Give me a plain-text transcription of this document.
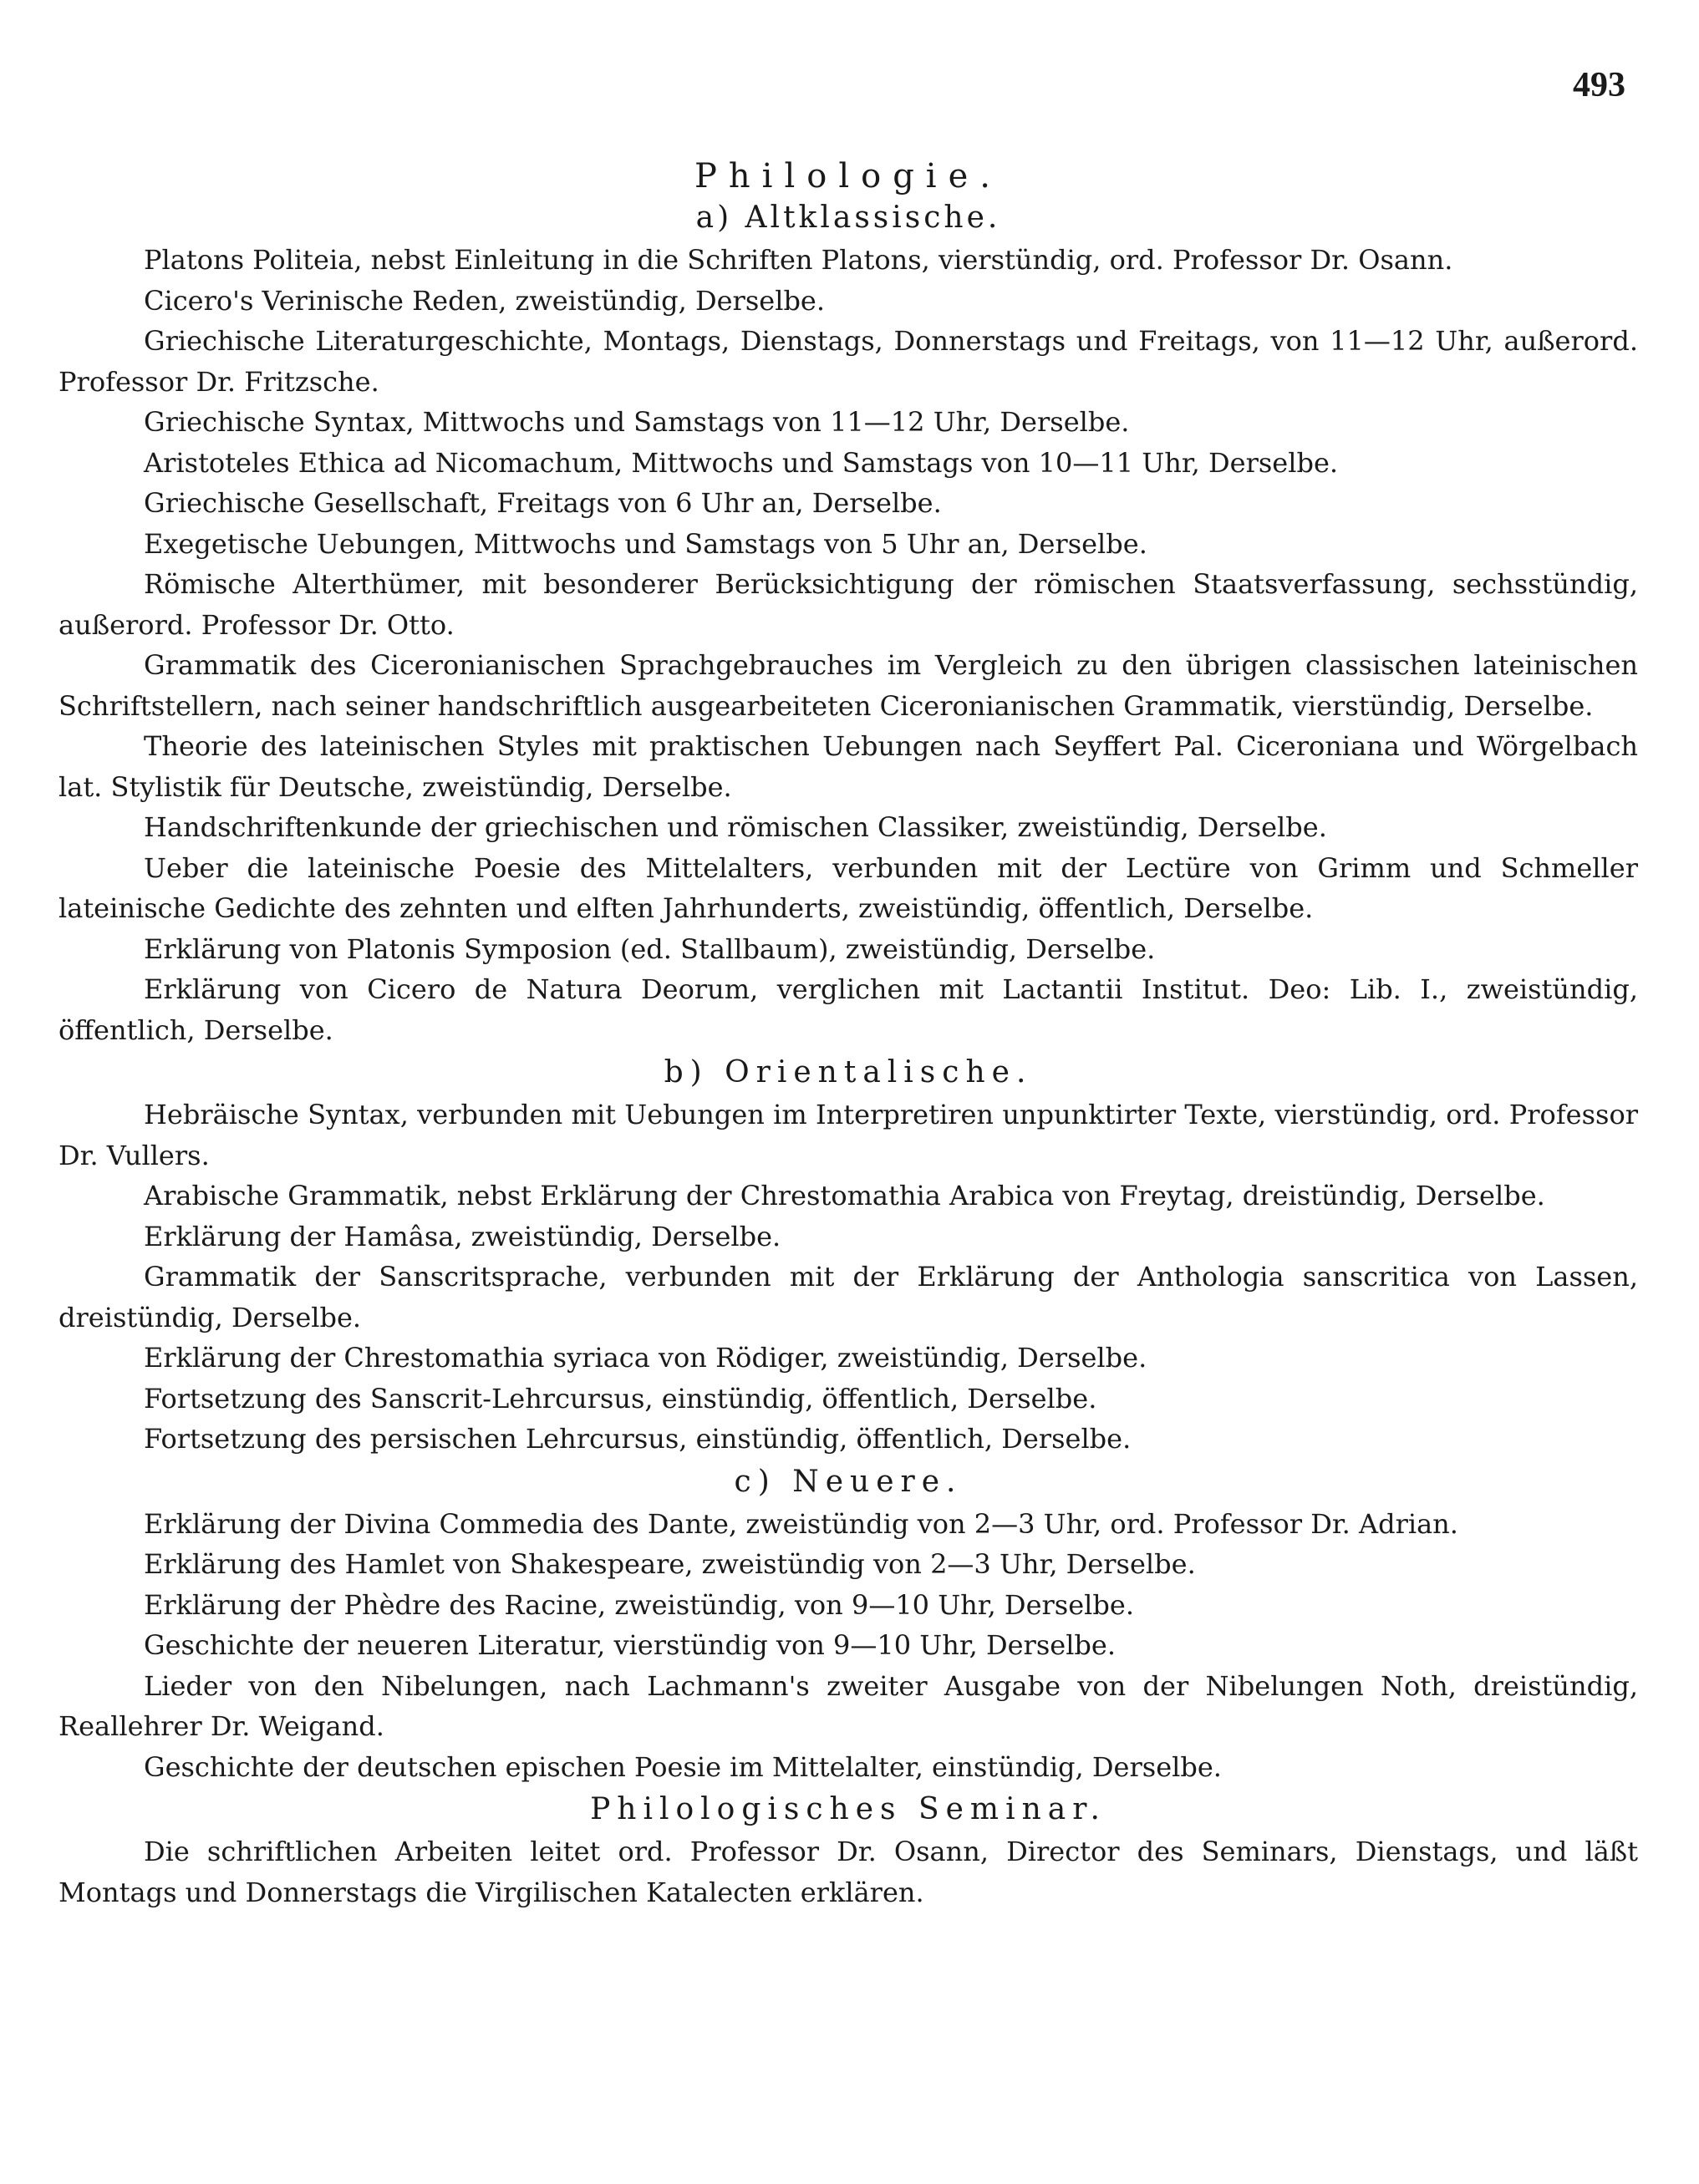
493
Philologie.
a) Altklassische.

Platons Politeia, nebst Einleitung in die Schriften Platons, vierstündig, ord. Professor Dr. Osann.

Cicero's Verinische Reden, zweistündig, Derselbe.

Griechische Literaturgeschichte, Montags, Dienstags, Donnerstags und Freitags, von 11—12 Uhr, außerord. Professor Dr. Fritzsche.

Griechische Syntax, Mittwochs und Samstags von 11—12 Uhr, Derselbe.

Aristoteles Ethica ad Nicomachum, Mittwochs und Samstags von 10—11 Uhr, Derselbe.

Griechische Gesellschaft, Freitags von 6 Uhr an, Derselbe.

Exegetische Uebungen, Mittwochs und Samstags von 5 Uhr an, Derselbe.

Römische Alterthümer, mit besonderer Berücksichtigung der römischen Staatsverfassung, sechsstündig, außerord. Professor Dr. Otto.

Grammatik des Ciceronianischen Sprachgebrauches im Vergleich zu den übrigen classischen lateinischen Schriftstellern, nach seiner handschriftlich ausgearbeiteten Ciceronianischen Grammatik, vierstündig, Derselbe.

Theorie des lateinischen Styles mit praktischen Uebungen nach Seyffert Pal. Ciceroniana und Wörgelbach lat. Stylistik für Deutsche, zweistündig, Derselbe.

Handschriftenkunde der griechischen und römischen Classiker, zweistündig, Derselbe.

Ueber die lateinische Poesie des Mittelalters, verbunden mit der Lectüre von Grimm und Schmeller lateinische Gedichte des zehnten und elften Jahrhunderts, zweistündig, öffentlich, Derselbe.

Erklärung von Platonis Symposion (ed. Stallbaum), zweistündig, Derselbe.

Erklärung von Cicero de Natura Deorum, verglichen mit Lactantii Institut. Deo: Lib. I., zweistündig, öffentlich, Derselbe.

b) Orientalische.

Hebräische Syntax, verbunden mit Uebungen im Interpretiren unpunktirter Texte, vierstündig, ord. Professor Dr. Vullers.

Arabische Grammatik, nebst Erklärung der Chrestomathia Arabica von Freytag, dreistündig, Derselbe.

Erklärung der Hamâsa, zweistündig, Derselbe.

Grammatik der Sanscritsprache, verbunden mit der Erklärung der Anthologia sanscritica von Lassen, dreistündig, Derselbe.

Erklärung der Chrestomathia syriaca von Rödiger, zweistündig, Derselbe.

Fortsetzung des Sanscrit-Lehrcursus, einstündig, öffentlich, Derselbe.

Fortsetzung des persischen Lehrcursus, einstündig, öffentlich, Derselbe.

c) Neuere.

Erklärung der Divina Commedia des Dante, zweistündig von 2—3 Uhr, ord. Professor Dr. Adrian.

Erklärung des Hamlet von Shakespeare, zweistündig von 2—3 Uhr, Derselbe.

Erklärung der Phèdre des Racine, zweistündig, von 9—10 Uhr, Derselbe.

Geschichte der neueren Literatur, vierstündig von 9—10 Uhr, Derselbe.

Lieder von den Nibelungen, nach Lachmann's zweiter Ausgabe von der Nibelungen Noth, dreistündig, Reallehrer Dr. Weigand.

Geschichte der deutschen epischen Poesie im Mittelalter, einstündig, Derselbe.

Philologisches Seminar.

Die schriftlichen Arbeiten leitet ord. Professor Dr. Osann, Director des Seminars, Dienstags, und läßt Montags und Donnerstags die Virgilischen Katalecten erklären.
